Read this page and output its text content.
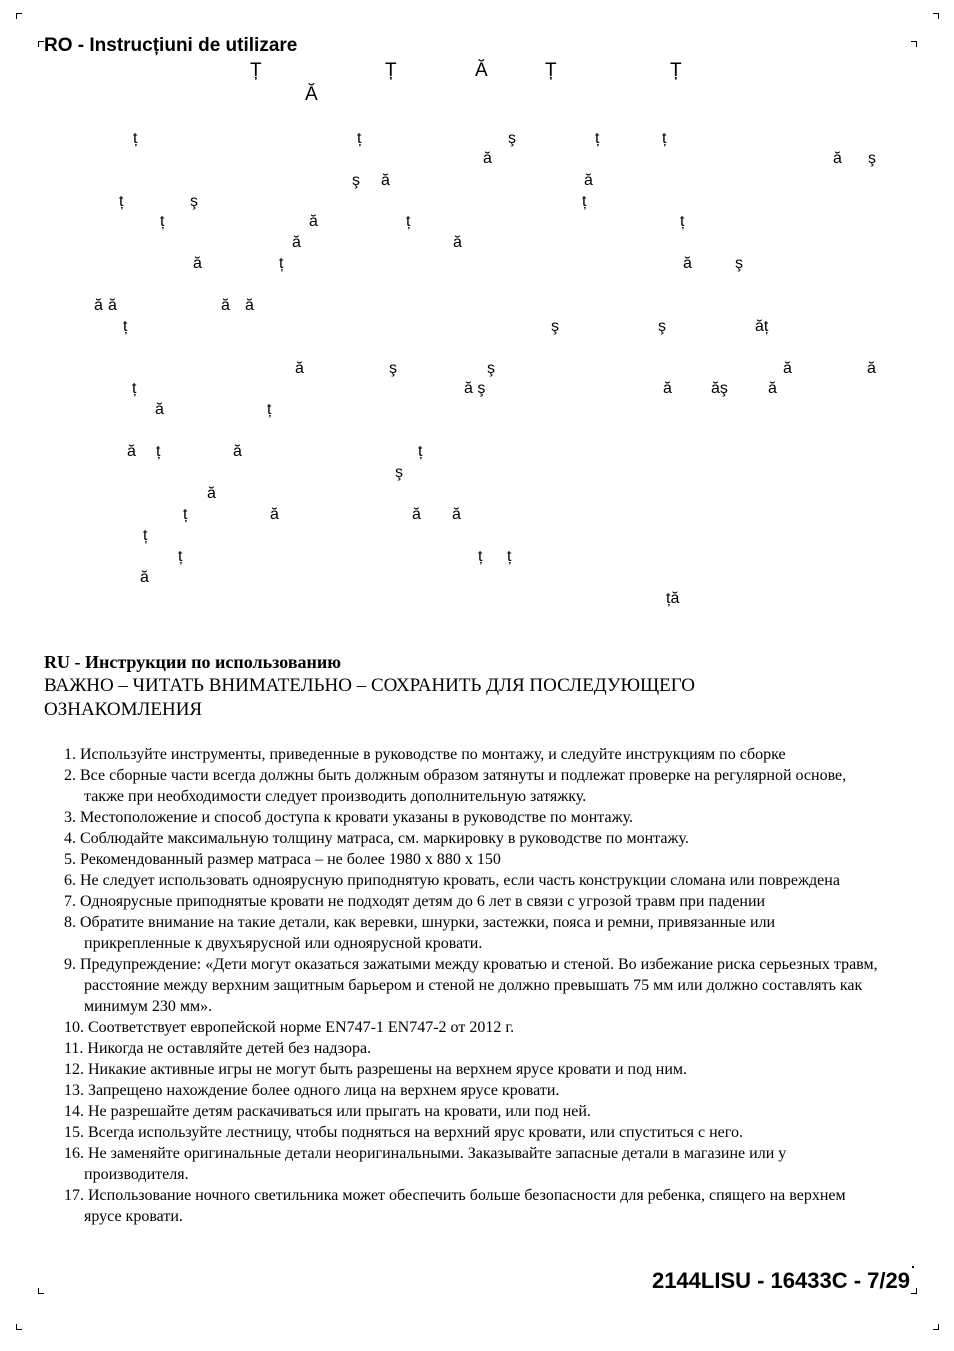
RO - Instrucțiuni de utilizare
Ț	Ț	Ă	Ț	Ț
Ă
ț	ț	ş	ț	ț
ă	ă ş
ş ă	ă
ț	ş	ț
ț	ă	ț	ț
ă	ă
ă	ț	ă	ş
ă ă	ă ă
ț	ş	ş	ăț
ă	ş	ş	ă	ă
ț	ă ş	ă ăş	ă
ă	ț
ă ț	ă	ț
ş
ă
ț	ă	ă ă
ț
ț	ț ț
ă
ță
RU - Инструкции по использованию
ВАЖНО – ЧИТАТЬ ВНИМАТЕЛЬНО – СОХРАНИТЬ ДЛЯ ПОСЛЕДУЮЩЕГО ОЗНАКОМЛЕНИЯ
1. Используйте инструменты, приведенные в руководстве по монтажу, и следуйте инструкциям по сборке
2. Все сборные части всегда должны быть должным образом затянуты и подлежат проверке на регулярной основе, также при необходимости следует производить дополнительную затяжку.
3. Местоположение и способ доступа к кровати указаны в руководстве по монтажу.
4. Соблюдайте максимальную толщину матраса, см. маркировку в руководстве по монтажу.
5. Рекомендованный размер матраса – не более 1980 x 880 x 150
6. Не следует использовать одноярусную приподнятую кровать, если часть конструкции сломана или повреждена
7. Одноярусные приподнятые кровати не подходят детям до 6 лет в связи с угрозой травм при падении
8. Обратите внимание на такие детали, как веревки, шнурки, застежки, пояса и ремни, привязанные или прикрепленные к двухъярусной или одноярусной кровати.
9. Предупреждение: «Дети могут оказаться зажатыми между кроватью и стеной. Во избежание риска серьезных травм, расстояние между верхним защитным барьером и стеной не должно превышать 75 мм или должно составлять как минимум 230 мм».
10. Соответствует европейской норме EN747-1 EN747-2 от 2012 г.
11. Никогда не оставляйте детей без надзора.
12. Никакие активные игры не могут быть разрешены на верхнем ярусе кровати и под ним.
13. Запрещено нахождение более одного лица на верхнем ярусе кровати.
14. Не разрешайте детям раскачиваться или прыгать на кровати, или под ней.
15. Всегда используйте лестницу, чтобы подняться на верхний ярус кровати, или спуститься с него.
16. Не заменяйте оригинальные детали неоригинальными. Заказывайте запасные детали в магазине или у производителя.
17. Использование ночного светильника может обеспечить больше безопасности для ребенка, спящего на верхнем ярусе кровати.
2144LISU - 16433C - 7/29
